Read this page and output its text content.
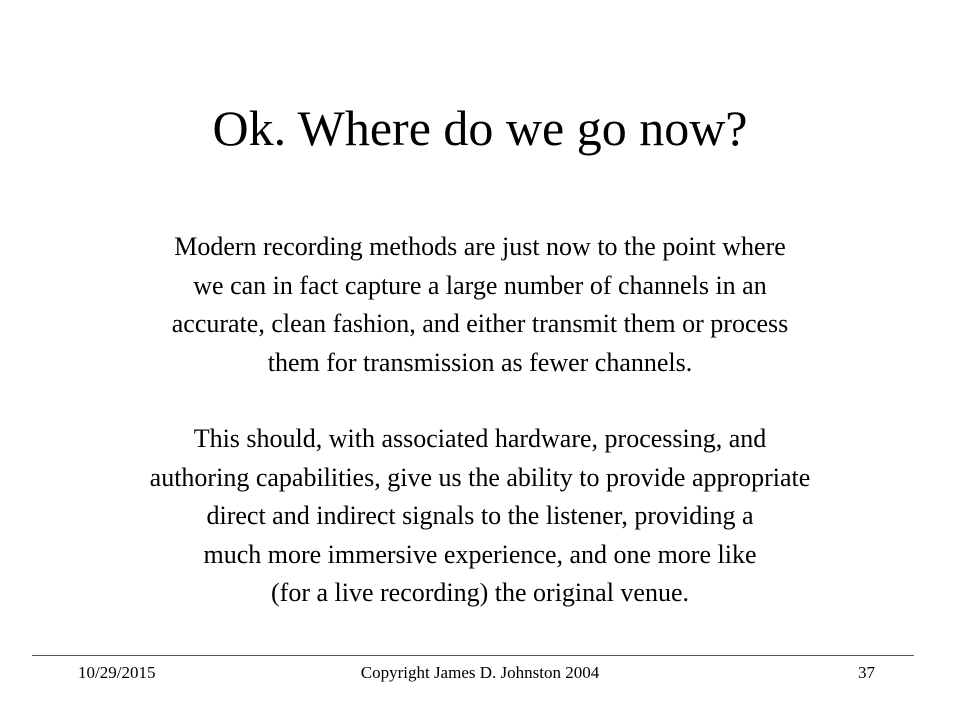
Ok. Where do we go now?
Modern recording methods are just now to the point where
we can in fact capture a large number of channels in an
accurate, clean fashion, and either transmit them or process
them for transmission as fewer channels.
This should, with associated hardware, processing, and
authoring capabilities, give us the ability to provide appropriate
direct and indirect signals to the listener, providing a
much more immersive experience, and one more like
(for a live recording) the original venue.
10/29/2015	Copyright James D. Johnston 2004	37
